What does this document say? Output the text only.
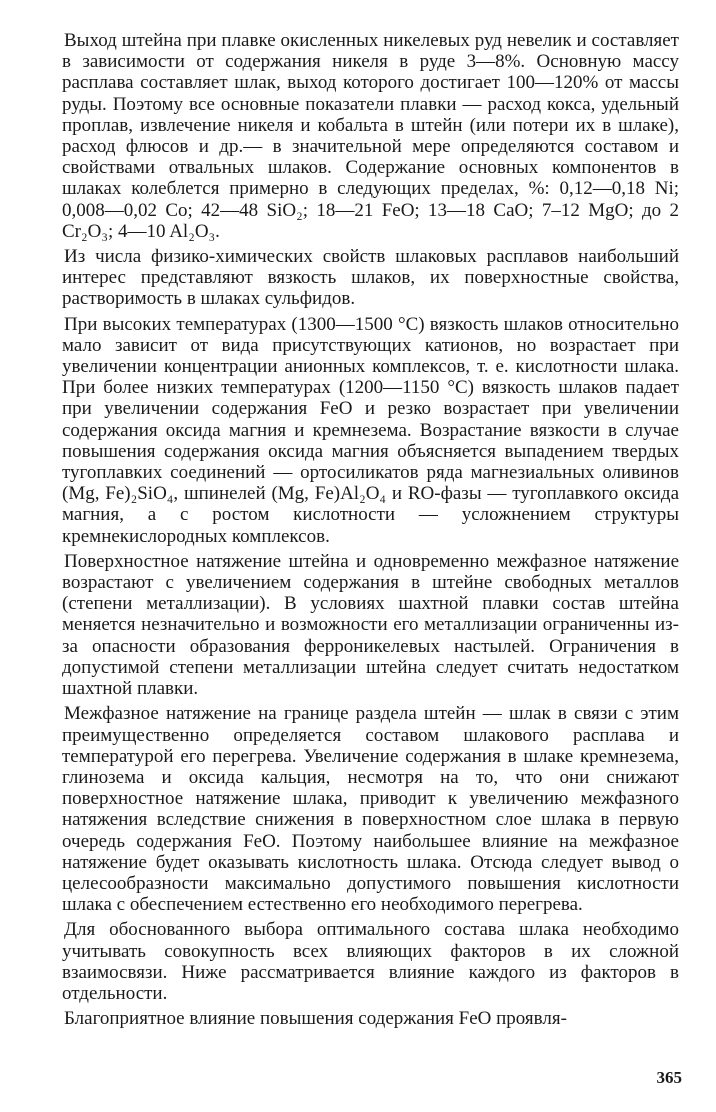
Выход штейна при плавке окисленных никелевых руд невелик и составляет в зависимости от содержания никеля в руде 3—8%. Основную массу расплава составляет шлак, выход которого достигает 100—120% от массы руды. Поэтому все основные показатели плавки — расход кокса, удельный проплав, извлечение никеля и кобальта в штейн (или потери их в шлаке), расход флюсов и др.— в значительной мере определяются составом и свойствами отвальных шлаков. Содержание основных компонентов в шлаках колеблется примерно в следующих пределах, %: 0,12—0,18 Ni; 0,008—0,02 Co; 42—48 SiO₂; 18—21 FeO; 13—18 CaO; 7–12 MgO; до 2 Cr₂O₃; 4—10 Al₂O₃.

Из числа физико-химических свойств шлаковых расплавов наибольший интерес представляют вязкость шлаков, их поверхностные свойства, растворимость в шлаках сульфидов.

При высоких температурах (1300—1500 °С) вязкость шлаков относительно мало зависит от вида присутствующих катионов, но возрастает при увеличении концентрации анионных комплексов, т. е. кислотности шлака. При более низких температурах (1200—1150 °С) вязкость шлаков падает при увеличении содержания FeO и резко возрастает при увеличении содержания оксида магния и кремнезема. Возрастание вязкости в случае повышения содержания оксида магния объясняется выпадением твердых тугоплавких соединений — ортосиликатов ряда магнезиальных оливинов (Mg, Fe)₂SiO₄, шпинелей (Mg, Fe)Al₂O₄ и RO-фазы — тугоплавкого оксида магния, а с ростом кислотности — усложнением структуры кремнекислородных комплексов.

Поверхностное натяжение штейна и одновременно межфазное натяжение возрастают с увеличением содержания в штейне свободных металлов (степени металлизации). В условиях шахтной плавки состав штейна меняется незначительно и возможности его металлизации ограниченны из-за опасности образования ферроникелевых настылей. Ограничения в допустимой степени металлизации штейна следует считать недостатком шахтной плавки.

Межфазное натяжение на границе раздела штейн — шлак в связи с этим преимущественно определяется составом шлакового расплава и температурой его перегрева. Увеличение содержания в шлаке кремнезема, глинозема и оксида кальция, несмотря на то, что они снижают поверхностное натяжение шлака, приводит к увеличению межфазного натяжения вследствие снижения в поверхностном слое шлака в первую очередь содержания FeO. Поэтому наибольшее влияние на межфазное натяжение будет оказывать кислотность шлака. Отсюда следует вывод о целесообразности максимально допустимого повышения кислотности шлака с обеспечением естественно его необходимого перегрева.

Для обоснованного выбора оптимального состава шлака необходимо учитывать совокупность всех влияющих факторов в их сложной взаимосвязи. Ниже рассматривается влияние каждого из факторов в отдельности.

Благоприятное влияние повышения содержания FeO проявля-

365
